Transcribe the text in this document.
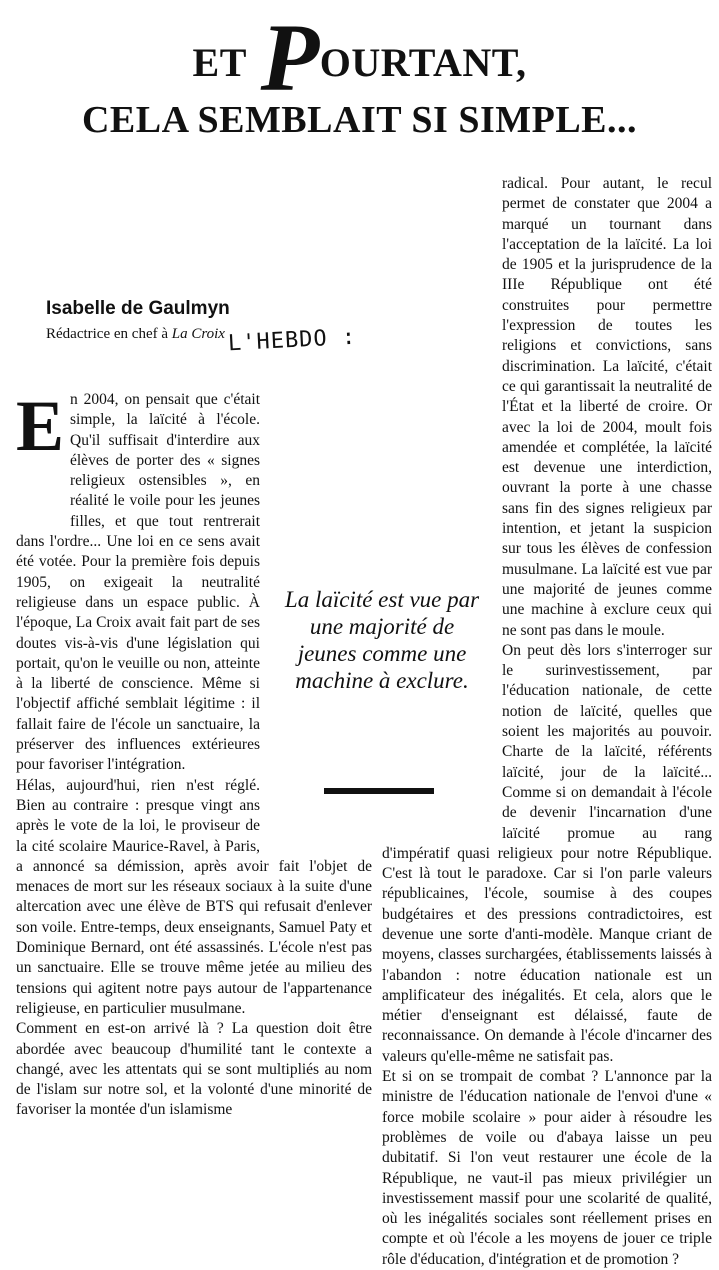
ET POURTANT,
CELA SEMBLAIT SI SIMPLE...
Isabelle de Gaulmyn
Rédactrice en chef à La Croix L'HEBDO :
E n 2004, on pensait que c'était simple, la laïcité à l'école. Qu'il suffisait d'interdire aux élèves de porter des « signes religieux ostensibles », en réalité le voile pour les jeunes filles, et que tout rentrerait dans l'ordre... Une loi en ce sens avait été votée. Pour la première fois depuis 1905, on exigeait la neutralité religieuse dans un espace public. À l'époque, La Croix avait fait part de ses doutes vis-à-vis d'une législation qui portait, qu'on le veuille ou non, atteinte à la liberté de conscience. Même si l'objectif affiché semblait légitime : il fallait faire de l'école un sanctuaire, la préserver des influences extérieures pour favoriser l'intégration.

Hélas, aujourd'hui, rien n'est réglé. Bien au contraire : presque vingt ans après le vote de la loi, le proviseur de la cité scolaire Maurice-Ravel, à Paris, a annoncé sa démission, après avoir fait l'objet de menaces de mort sur les réseaux sociaux à la suite d'une altercation avec une élève de BTS qui refusait d'enlever son voile. Entre-temps, deux enseignants, Samuel Paty et Dominique Bernard, ont été assassinés. L'école n'est pas un sanctuaire. Elle se trouve même jetée au milieu des tensions qui agitent notre pays autour de l'appartenance religieuse, en particulier musulmane.

Comment en est-on arrivé là ? La question doit être abordée avec beaucoup d'humilité tant le contexte a changé, avec les attentats qui se sont multipliés au nom de l'islam sur notre sol, et la volonté d'une minorité de favoriser la montée d'un islamisme

radical. Pour autant, le recul permet de constater que 2004 a marqué un tournant dans l'acceptation de la laïcité. La loi de 1905 et la jurisprudence de la IIIe République ont été construites pour permettre l'expression de toutes les religions et convictions, sans discrimination. La laïcité, c'était ce qui garantissait la neutralité de l'État et la liberté de croire. Or avec la loi de 2004, moult fois amendée et complétée, la laïcité est devenue une interdiction, ouvrant la porte à une chasse sans fin des signes religieux par intention, et jetant la suspicion sur tous les élèves de confession musulmane. La laïcité est vue par une majorité de jeunes comme une machine à exclure ceux qui ne sont pas dans le moule.

On peut dès lors s'interroger sur le surinvestissement, par l'éducation nationale, de cette notion de laïcité, quelles que soient les majorités au pouvoir. Charte de la laïcité, référents laïcité, jour de la laïcité... Comme si on demandait à l'école de devenir l'incarnation d'une laïcité promue au rang d'impératif quasi religieux pour notre République. C'est là tout le paradoxe. Car si l'on parle valeurs républicaines, l'école, soumise à des coupes budgétaires et des pressions contradictoires, est devenue une sorte d'anti-modèle. Manque criant de moyens, classes surchargées, établissements laissés à l'abandon : notre éducation nationale est un amplificateur des inégalités. Et cela, alors que le métier d'enseignant est délaissé, faute de reconnaissance. On demande à l'école d'incarner des valeurs qu'elle-même ne satisfait pas.

Et si on se trompait de combat ? L'annonce par la ministre de l'éducation nationale de l'envoi d'une « force mobile scolaire » pour aider à résoudre les problèmes de voile ou d'abaya laisse un peu dubitatif. Si l'on veut restaurer une école de la République, ne vaut-il pas mieux privilégier un investissement massif pour une scolarité de qualité, où les inégalités sociales sont réellement prises en compte et où l'école a les moyens de jouer ce triple rôle d'éducation, d'intégration et de promotion ?

La laïcité est vue par une majorité de jeunes comme une machine à exclure.
